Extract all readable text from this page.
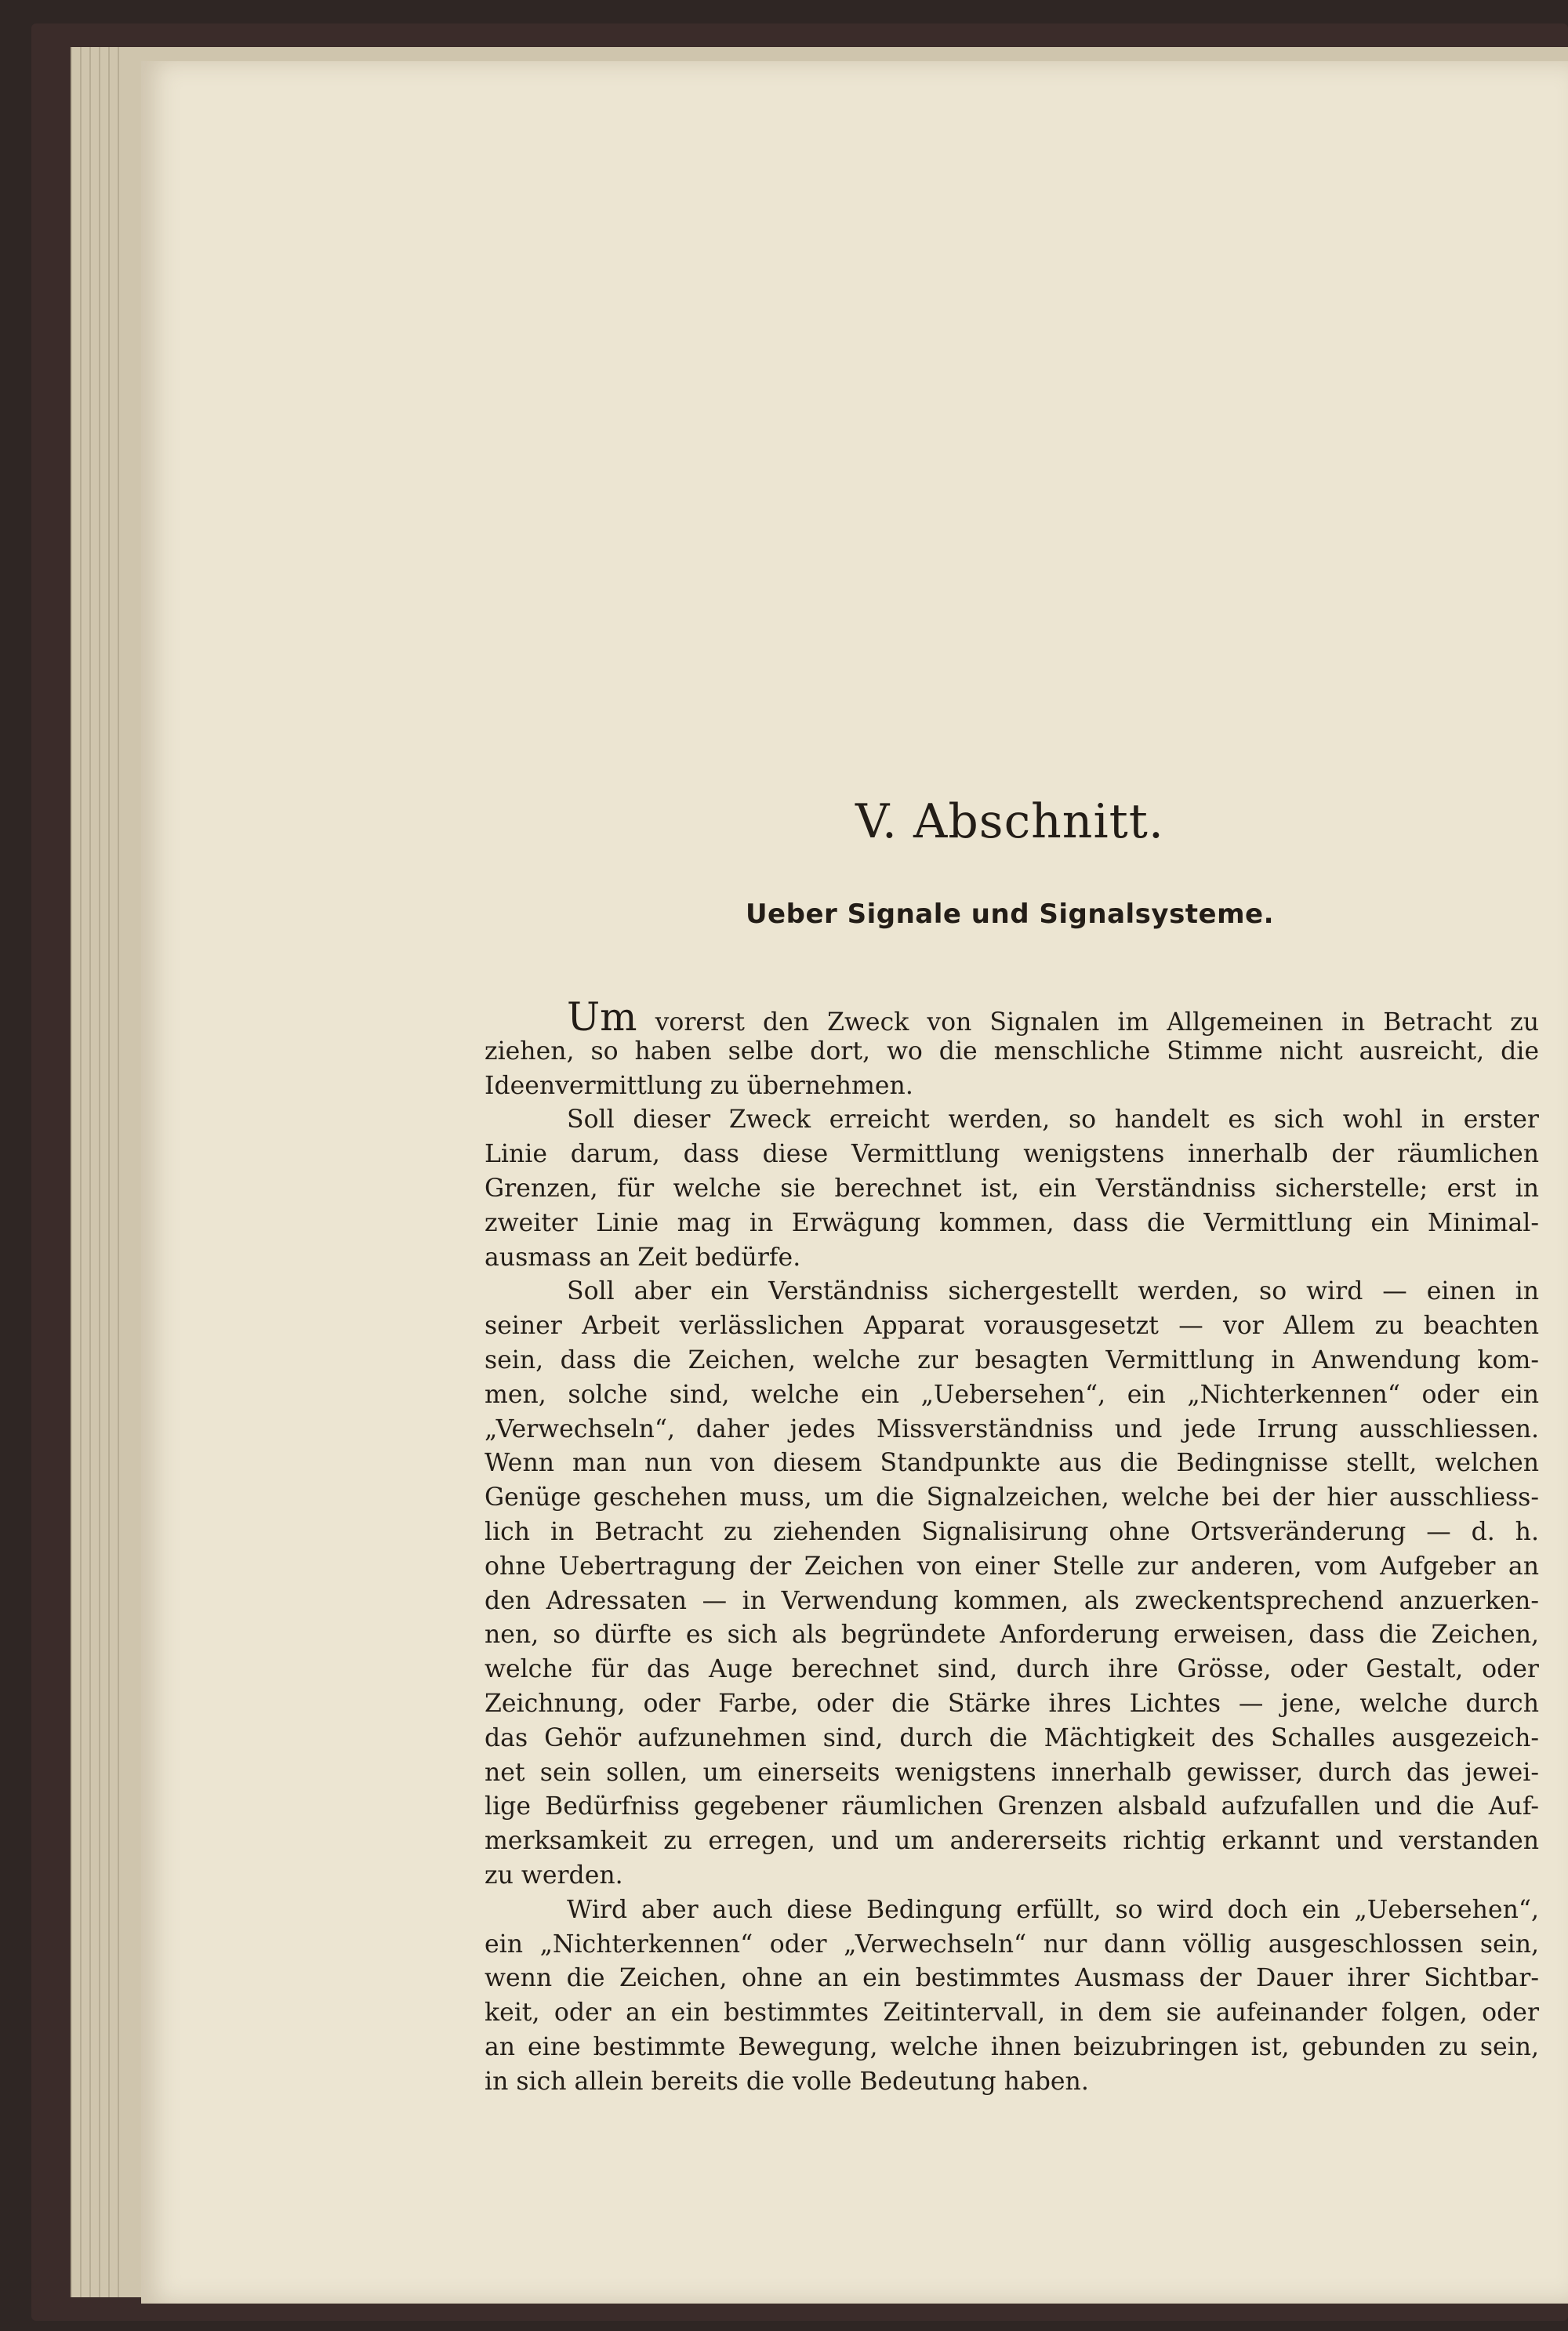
V. Abschnitt.
Ueber Signale und Signalsysteme.
Um vorerst den Zweck von Signalen im Allgemeinen in Betracht zu
ziehen, so haben selbe dort, wo die menschliche Stimme nicht ausreicht, die
Ideenvermittlung zu übernehmen.
Soll dieser Zweck erreicht werden, so handelt es sich wohl in erster
Linie darum, dass diese Vermittlung wenigstens innerhalb der räumlichen
Grenzen, für welche sie berechnet ist, ein Verständniss sicherstelle; erst in
zweiter Linie mag in Erwägung kommen, dass die Vermittlung ein Minimal-
ausmass an Zeit bedürfe.
Soll aber ein Verständniss sichergestellt werden, so wird — einen in
seiner Arbeit verlässlichen Apparat vorausgesetzt — vor Allem zu beachten
sein, dass die Zeichen, welche zur besagten Vermittlung in Anwendung kom-
men, solche sind, welche ein „Uebersehen“, ein „Nichterkennen“ oder ein
„Verwechseln“, daher jedes Missverständniss und jede Irrung ausschliessen.
Wenn man nun von diesem Standpunkte aus die Bedingnisse stellt, welchen
Genüge geschehen muss, um die Signalzeichen, welche bei der hier ausschliess-
lich in Betracht zu ziehenden Signalisirung ohne Ortsveränderung — d. h.
ohne Uebertragung der Zeichen von einer Stelle zur anderen, vom Aufgeber an
den Adressaten — in Verwendung kommen, als zweckentsprechend anzuerken-
nen, so dürfte es sich als begründete Anforderung erweisen, dass die Zeichen,
welche für das Auge berechnet sind, durch ihre Grösse, oder Gestalt, oder
Zeichnung, oder Farbe, oder die Stärke ihres Lichtes — jene, welche durch
das Gehör aufzunehmen sind, durch die Mächtigkeit des Schalles ausgezeich-
net sein sollen, um einerseits wenigstens innerhalb gewisser, durch das jewei-
lige Bedürfniss gegebener räumlichen Grenzen alsbald aufzufallen und die Auf-
merksamkeit zu erregen, und um andererseits richtig erkannt und verstanden
zu werden.
Wird aber auch diese Bedingung erfüllt, so wird doch ein „Uebersehen“,
ein „Nichterkennen“ oder „Verwechseln“ nur dann völlig ausgeschlossen sein,
wenn die Zeichen, ohne an ein bestimmtes Ausmass der Dauer ihrer Sichtbar-
keit, oder an ein bestimmtes Zeitintervall, in dem sie aufeinander folgen, oder
an eine bestimmte Bewegung, welche ihnen beizubringen ist, gebunden zu sein,
in sich allein bereits die volle Bedeutung haben.
